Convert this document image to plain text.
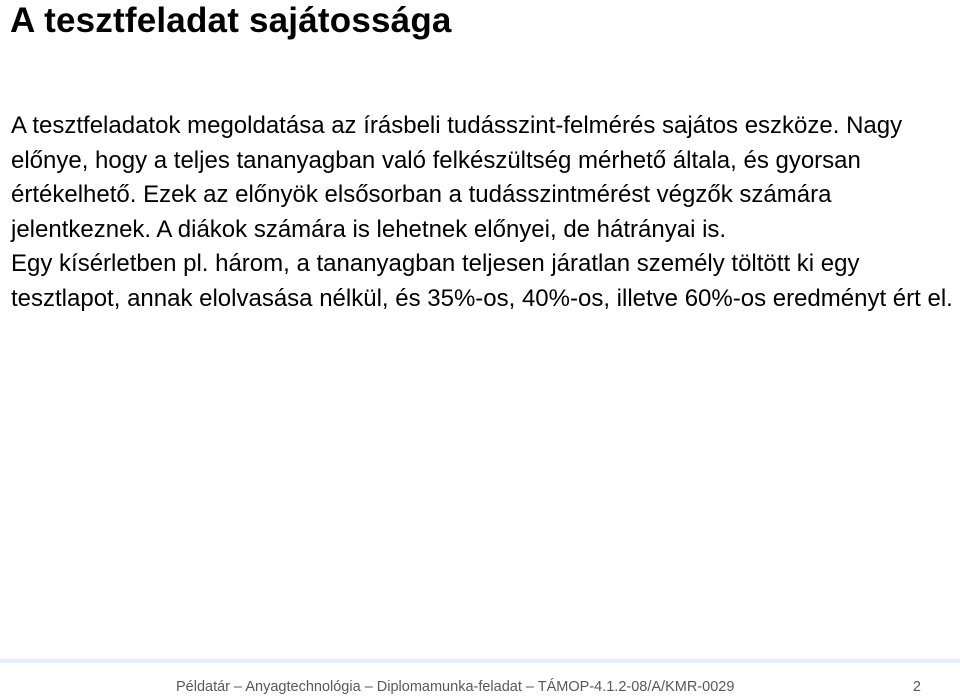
A tesztfeladat sajátossága

A tesztfeladatok megoldatása az írásbeli tudásszint-felmérés sajátos eszköze. Nagy előnye, hogy a teljes tananyagban való felkészültség mérhető általa, és gyorsan értékelhető. Ezek az előnyök elsősorban a tudásszintmérést végzők számára jelentkeznek. A diákok számára is lehetnek előnyei, de hátrányai is.

Egy kísérletben pl. három, a tananyagban teljesen járatlan személy töltött ki egy tesztlapot, annak elolvasása nélkül, és 35%-os, 40%-os, illetve 60%-os eredményt ért el.

Példatár – Anyagtechnológia – Diplomamunka-feladat – TÁMOP-4.1.2-08/A/KMR-0029	2
